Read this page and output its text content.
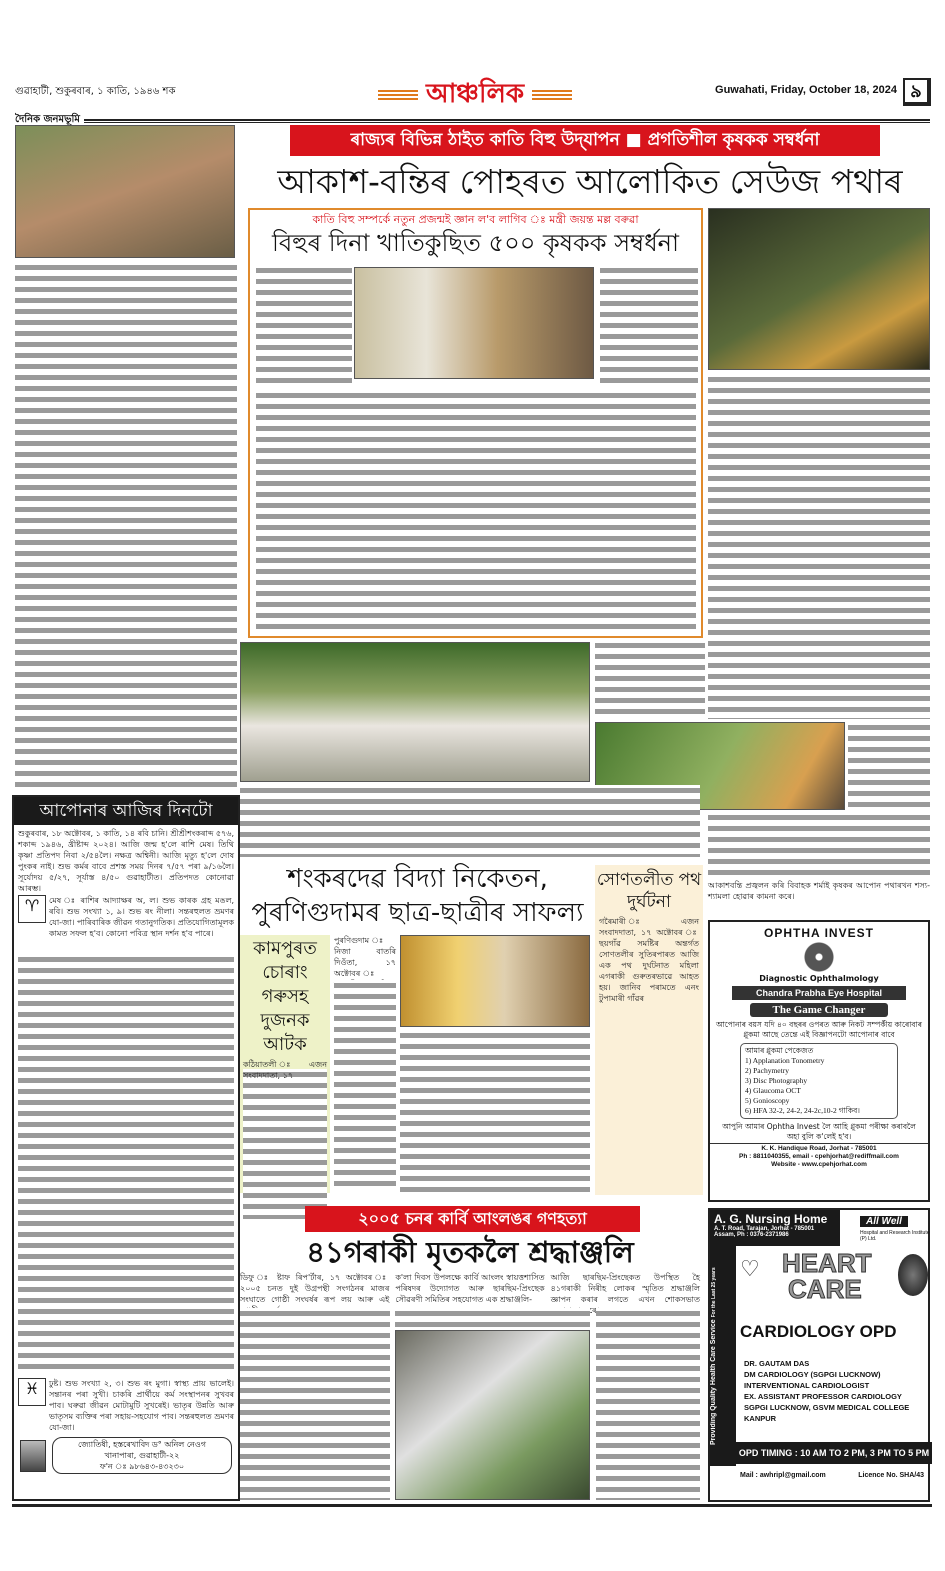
গুৱাহাটী, শুকুৰবাৰ, ১ কাতি, ১৯৪৬ শক	আঞ্চলিক	Guwahati, Friday, October 18, 2024 ৯
দৈনিক জনমভূমি
আপোনাৰ আজিৰ দিনটো
শুকুৰবাৰ, ১৮ অক্টোবৰ, ১ কাতি, ১৪ ৰবি চানি। শ্ৰীশ্ৰীশংকৰাব্দ ৫৭৬, শকাব্দ ১৯৪৬, খ্ৰীষ্টাব্দ ২০২৪। আজি জন্ম হ'লে ৰাশি মেষ। তিথি কৃষ্ণা প্ৰতিপদ নিবা ২/৫৪লৈ। নক্ষত্ৰ অশ্বিনী। আজি মৃত্যু হ'লে দোষ পুংকৰ নাই। শুভ কৰ্মৰ বাবে প্ৰশস্ত সময় দিনৰ ৭/৫৭ পৰা ৯/১৬লৈ। সূৰ্যোদয় ৫/২৭, সূৰ্যাস্ত ৪/৫০ গুৱাহাটীত। প্ৰতিপদত কোনোৱা আৰম্ভ।
♈	মেষ ঃ ৰাশিৰ আদ্যাক্ষৰ অ, ল। শুভ কাৰক গ্ৰহ মঙল, ৰবি। শুভ সংখ্যা ১, ৯। শুভ ৰং নীলা। সন্তৰহুলত ভ্ৰমণৰ যো-জা। পাৰিবাৰিক জীৱন গতানুগতিক। প্ৰতিযোগিতামূলক কামত সফল হ'ব। কোনো পবিত্ৰ স্থান দৰ্শন হ'ব পাৰে।
♓	ঢুষ্ট। শুভ সংখ্যা ২, ৩। শুভ ৰং মুগা। স্বাস্থ্য প্ৰায় ভালেই। সন্তানৰ পৰা সুখী। চাকৰি প্ৰাৰ্থীয়ে কৰ্ম সংস্থাপনৰ সুখবৰ পাব। ঘৰুৱা জীৱন মোটামুটি সুখৰেই। ভাতৃৰ উন্নতি আৰু ভাতৃসম ব্যক্তিৰ পৰা সহায়-সহযোগ পাব। সন্তৰহুলত ভ্ৰমণৰ যো-জা।
জ্যোতিষী, হস্তৰেখাবিদ ড° অনিল নেওগ
খানাপাৰা, গুৱাহাটী-২২
ফ'ন ঃ ৯৮৬৪৩-৪৩২৩০
ৰাজ্যৰ বিভিন্ন ঠাইত কাতি বিহু উদ্‌যাপন ■ প্ৰগতিশীল কৃষকক সম্বৰ্ধনা
আকাশ-বন্তিৰ পোহৰত আলোকিত সেউজ পথাৰ
কাতি বিহু সম্পৰ্কে নতুন প্ৰজন্মই জ্ঞান ল'ব লাগিব ঃ মন্ত্ৰী জয়ন্ত মল্ল বৰুৱা
বিহুৰ দিনা খাতিকুছিত ৫০০ কৃষকক সম্বৰ্ধনা
আকাশবন্তি প্ৰজ্বলন কৰি বিবাহক শৰ্মাই কৃষকৰ আপোন পথাৰখন শস্য-শ্যামলা হোৱাৰ কামনা কৰে।
শংকৰদেৱ বিদ্যা নিকেতন,
পুৰণিগুদামৰ ছাত্ৰ-ছাত্ৰীৰ সাফল্য
কামপুৰত চোৰাং গৰুসহ দুজনক আটক
কঠিয়াতলী ঃ এজন সংবাদদাতা, ১৭
পুৰণিগুদাম ঃ নিজা বাতৰি দিওঁতা, ১৭ অক্টোবৰ ঃ
সোণতলীত পথ দুৰ্ঘটনা
গৰৈমাৰী ঃ এজন সংবাদদাতা, ১৭ অক্টোবৰ ঃ ছয়গাঁৱ সমষ্টিৰ অন্তৰ্গত সোণতলীৰ সুতিৰপাৰত আজি এক পথ দুৰ্ঘটনাত মহিলা এগৰাকী গুৰুতৰভাৱে আহত হয়। জানিব পৰামতে এনং টুপামাৰী গাঁৱৰ
২০০৫ চনৰ কাৰ্বি আংলঙৰ গণহত্যা
৪১গৰাকী মৃতকলৈ শ্ৰদ্ধাঞ্জলি
ডিফু ঃ ষ্টাফ ৰিপ'ৰ্টাৰ, ১৭ অক্টোবৰ ঃ ২০০৫ চনত দুই উগ্ৰপন্থী সংগঠনৰ মাজৰ সংঘাতে গোষ্ঠী সংঘৰ্ষৰ ৰূপ লয় আৰু এই
ক'লা দিবস উপলক্ষে কাৰ্বি আংলং স্বায়ত্তশাসিত পৰিষদৰ উদ্যোগত আৰু ছাৰছিম-প্ৰিংছেক সৌৱৰণী সমিতিৰ সহযোগত এক শ্ৰদ্ধাঞ্জলি-
আজি ছাৰছিম-প্ৰিংছেকত উপস্থিত হৈ ৪১গৰাকী নিৰীহ লোকৰ স্মৃতিত শ্ৰদ্ধাঞ্জলি জ্ঞাপন কৰাৰ লগতে এখন শোকসভাত কৰে।
OPHTHA INVEST
Diagnostic Ophthalmology
Chandra Prabha Eye Hospital
The Game Changer
আপোনাৰ বয়স যদি ৪০ বছৰৰ ওপৰত আৰু নিকট সম্পৰ্কীয় কাৰোবাৰ গ্লুকমা আছে তেন্তে এই বিজ্ঞাপনটো আপোনাৰ বাবে
আমাৰ গ্লুকমা পেকেজত
1) Applanation Tonometry
2) Pachymetry
3) Disc Photography
4) Glaucoma OCT
5) Gonioscopy
6) HFA 32-2, 24-2, 24-2c,10-2 গাকিব।
আপুনি আমাৰ Ophtha Invest লৈ আহি গ্লুকমা পৰীক্ষা কৰাবলৈ অহা বুলি ক'লেই হ'ব।
K. K. Handique Road, Jorhat - 785001
Ph : 8811040355, email - cpehjorhat@rediffmail.com
Website - www.cpehjorhat.com
A. G. Nursing Home
A. T. Road, Tarajan, Jorhat - 785001
Assam, Ph : 0376-2371986
All Well
Hospital and Research Institute (P) Ltd.
Providing Quality Health Care Service For the Last 25 years	♡ HEART
CARE
CARDIOLOGY OPD
DR. GAUTAM DAS
DM CARDIOLOGY (SGPGI LUCKNOW)
INTERVENTIONAL CARDIOLOGIST
EX. ASSISTANT PROFESSOR CARDIOLOGY
SGPGI LUCKNOW, GSVM MEDICAL COLLEGE KANPUR
OPD TIMING : 10 AM TO 2 PM, 3 PM TO 5 PM
Mail : awhripl@gmail.com	Licence No. SHA/43
